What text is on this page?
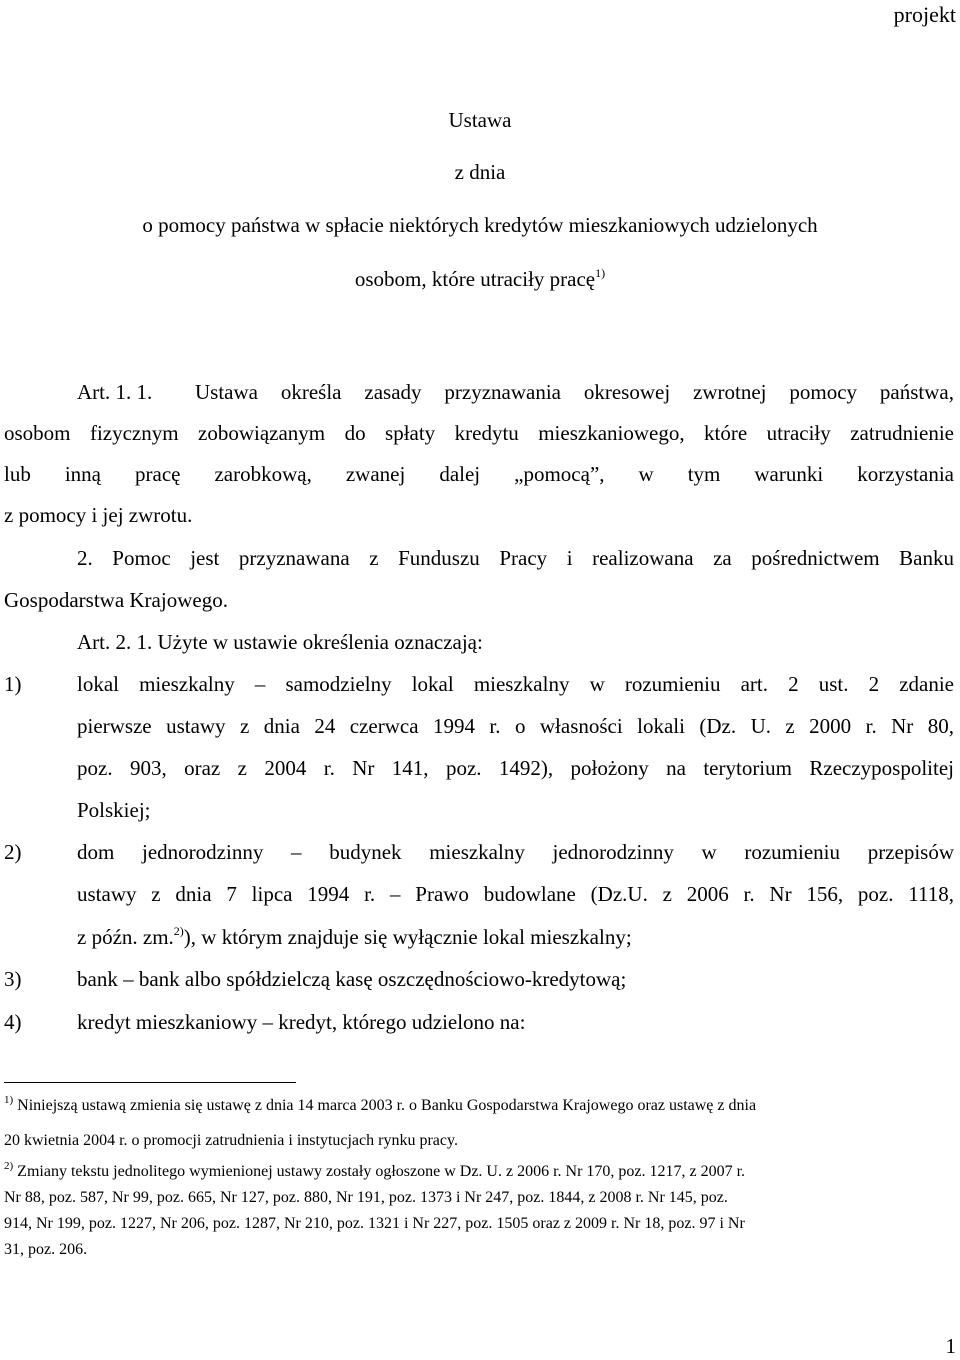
projekt
Ustawa
z dnia
o pomocy państwa w spłacie niektórych kredytów mieszkaniowych udzielonych
osobom, które utraciły pracę$^{1)}$
Art. 1. 1. Ustawa określa zasady przyznawania okresowej zwrotnej pomocy państwa,
osobom fizycznym zobowiązanym do spłaty kredytu mieszkaniowego, które utraciły zatrudnienie
lub inną pracę zarobkową, zwanej dalej „pomocą”, w tym warunki korzystania
z pomocy i jej zwrotu.
2. Pomoc jest przyznawana z Funduszu Pracy i realizowana za pośrednictwem Banku
Gospodarstwa Krajowego.
Art. 2. 1. Użyte w ustawie określenia oznaczają:
1)	lokal mieszkalny – samodzielny lokal mieszkalny w rozumieniu art. 2 ust. 2 zdanie
pierwsze ustawy z dnia 24 czerwca 1994 r. o własności lokali (Dz. U. z 2000 r. Nr 80,
poz. 903, oraz z 2004 r. Nr 141, poz. 1492), położony na terytorium Rzeczypospolitej
Polskiej;
2)	dom jednorodzinny – budynek mieszkalny jednorodzinny w rozumieniu przepisów
ustawy z dnia 7 lipca 1994 r. – Prawo budowlane (Dz.U. z 2006 r. Nr 156, poz. 1118,
z późn. zm.$^{2)}$), w którym znajduje się wyłącznie lokal mieszkalny;
3)	bank – bank albo spółdzielczą kasę oszczędnościowo-kredytową;
4)	kredyt mieszkaniowy – kredyt, którego udzielono na:
$^{1)}$ Niniejszą ustawą zmienia się ustawę z dnia 14 marca 2003 r. o Banku Gospodarstwa Krajowego oraz ustawę z dnia
20 kwietnia 2004 r. o promocji zatrudnienia i instytucjach rynku pracy.
$^{2)}$ Zmiany tekstu jednolitego wymienionej ustawy zostały ogłoszone w Dz. U. z 2006 r. Nr 170, poz. 1217, z 2007 r.
Nr 88, poz. 587, Nr 99, poz. 665, Nr 127, poz. 880, Nr 191, poz. 1373 i Nr 247, poz. 1844, z 2008 r. Nr 145, poz.
914, Nr 199, poz. 1227, Nr 206, poz. 1287, Nr 210, poz. 1321 i Nr 227, poz. 1505 oraz z 2009 r. Nr 18, poz. 97 i Nr
31, poz. 206.
1
